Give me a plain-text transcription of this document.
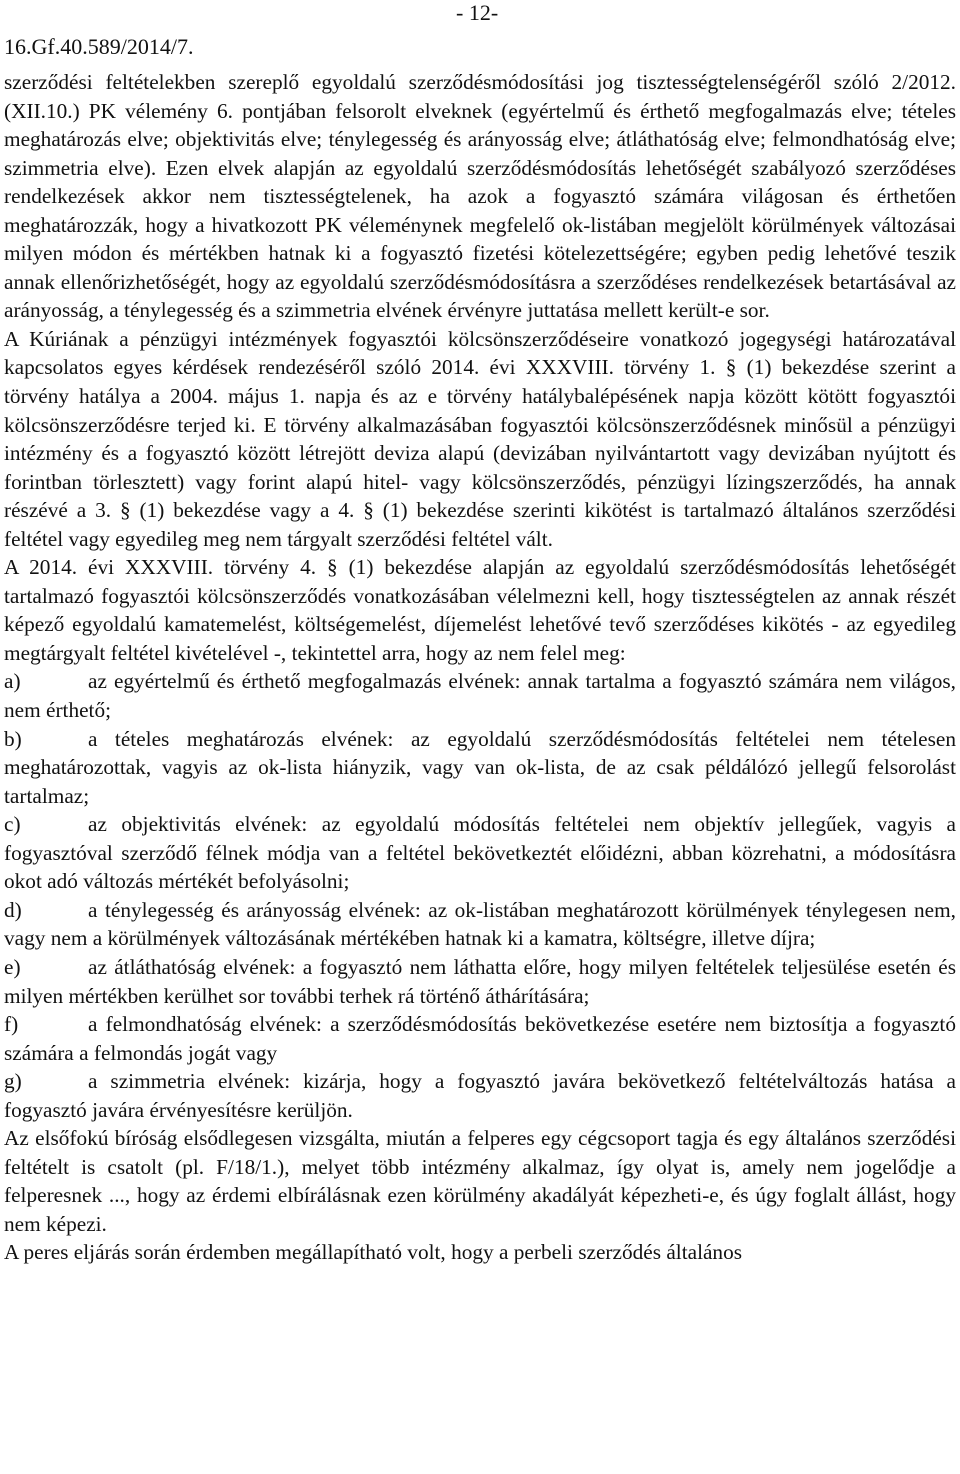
16.Gf.40.589/2014/7.
- 12-

szerződési feltételekben szereplő egyoldalú szerződésmódosítási jog tisztességtelenségéről szóló 2/2012. (XII.10.) PK vélemény 6. pontjában felsorolt elveknek (egyértelmű és érthető megfogalmazás elve; tételes meghatározás elve; objektivitás elve; ténylegesség és arányosság elve; átláthatóság elve; felmondhatóság elve; szimmetria elve). Ezen elvek alapján az egyoldalú szerződésmódosítás lehetőségét szabályozó szerződéses rendelkezések akkor nem tisztességtelenek, ha azok a fogyasztó számára világosan és érthetően meghatározzák, hogy a hivatkozott PK véleménynek megfelelő ok-listában megjelölt körülmények változásai milyen módon és mértékben hatnak ki a fogyasztó fizetési kötelezettségére; egyben pedig lehetővé teszik annak ellenőrizhetőségét, hogy az egyoldalú szerződésmódosításra a szerződéses rendelkezések betartásával az arányosság, a ténylegesség és a szimmetria elvének érvényre juttatása mellett került-e sor.

A Kúriának a pénzügyi intézmények fogyasztói kölcsönszerződéseire vonatkozó jogegységi határozatával kapcsolatos egyes kérdések rendezéséről szóló 2014. évi XXXVIII. törvény 1. § (1) bekezdése szerint a törvény hatálya a 2004. május 1. napja és az e törvény hatálybalépésének napja között kötött fogyasztói kölcsönszerződésre terjed ki. E törvény alkalmazásában fogyasztói kölcsönszerződésnek minősül a pénzügyi intézmény és a fogyasztó között létrejött deviza alapú (devizában nyilvántartott vagy devizában nyújtott és forintban törlesztett) vagy forint alapú hitel- vagy kölcsönszerződés, pénzügyi lízingszerződés, ha annak részévé a 3. § (1) bekezdése vagy a 4. § (1) bekezdése szerinti kikötést is tartalmazó általános szerződési feltétel vagy egyedileg meg nem tárgyalt szerződési feltétel vált.

A 2014. évi XXXVIII. törvény 4. § (1) bekezdése alapján az egyoldalú szerződésmódosítás lehetőségét tartalmazó fogyasztói kölcsönszerződés vonatkozásában vélelmezni kell, hogy tisztességtelen az annak részét képező egyoldalú kamatemelést, költségemelést, díjemelést lehetővé tevő szerződéses kikötés - az egyedileg megtárgyalt feltétel kivételével -, tekintettel arra, hogy az nem felel meg:

a)	az egyértelmű és érthető megfogalmazás elvének: annak tartalma a fogyasztó számára nem világos, nem érthető;

b)	a tételes meghatározás elvének: az egyoldalú szerződésmódosítás feltételei nem tételesen meghatározottak, vagyis az ok-lista hiányzik, vagy van ok-lista, de az csak példálózó jellegű felsorolást tartalmaz;

c)	az objektivitás elvének: az egyoldalú módosítás feltételei nem objektív jellegűek, vagyis a fogyasztóval szerződő félnek módja van a feltétel bekövetkeztét előidézni, abban közrehatni, a módosításra okot adó változás mértékét befolyásolni;

d)	a ténylegesség és arányosság elvének: az ok-listában meghatározott körülmények ténylegesen nem, vagy nem a körülmények változásának mértékében hatnak ki a kamatra, költségre, illetve díjra;

e)	az átláthatóság elvének: a fogyasztó nem láthatta előre, hogy milyen feltételek teljesülése esetén és milyen mértékben kerülhet sor további terhek rá történő áthárítására;

f)	a felmondhatóság elvének: a szerződésmódosítás bekövetkezése esetére nem biztosítja a fogyasztó számára a felmondás jogát vagy

g)	a szimmetria elvének: kizárja, hogy a fogyasztó javára bekövetkező feltételváltozás hatása a fogyasztó javára érvényesítésre kerüljön.

Az elsőfokú bíróság elsődlegesen vizsgálta, miután a felperes egy cégcsoport tagja és egy általános szerződési feltételt is csatolt (pl. F/18/1.), melyet több intézmény alkalmaz, így olyat is, amely nem jogelődje a felperesnek ..., hogy az érdemi elbírálásnak ezen körülmény akadályát képezheti-e, és úgy foglalt állást, hogy nem képezi.

A peres eljárás során érdemben megállapítható volt, hogy a perbeli szerződés általános
